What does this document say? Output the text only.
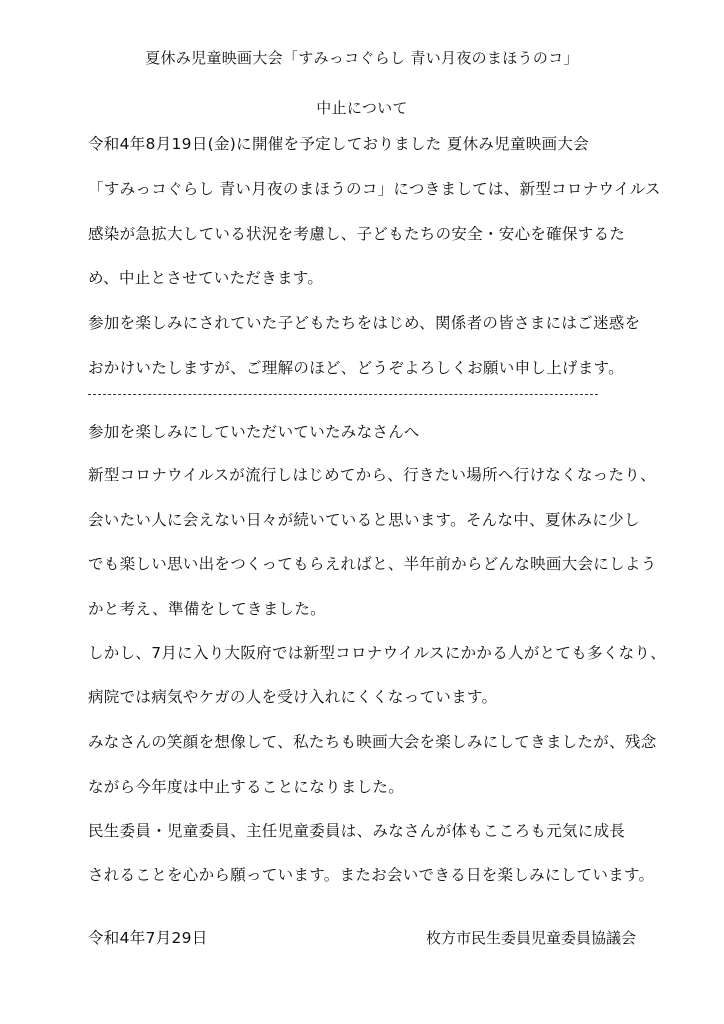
夏休み児童映画大会「すみっコぐらし 青い月夜のまほうのコ」
中止について
令和4年8月19日(金)に開催を予定しておりました 夏休み児童映画大会
「すみっコぐらし 青い月夜のまほうのコ」につきましては、新型コロナウイルス
感染が急拡大している状況を考慮し、子どもたちの安全・安心を確保するた
め、中止とさせていただきます。
参加を楽しみにされていた子どもたちをはじめ、関係者の皆さまにはご迷惑を
おかけいたしますが、ご理解のほど、どうぞよろしくお願い申し上げます。
参加を楽しみにしていただいていたみなさんへ
新型コロナウイルスが流行しはじめてから、行きたい場所へ行けなくなったり、
会いたい人に会えない日々が続いていると思います。そんな中、夏休みに少し
でも楽しい思い出をつくってもらえればと、半年前からどんな映画大会にしよう
かと考え、準備をしてきました。
しかし、7月に入り大阪府では新型コロナウイルスにかかる人がとても多くなり、
病院では病気やケガの人を受け入れにくくなっています。
みなさんの笑顔を想像して、私たちも映画大会を楽しみにしてきましたが、残念
ながら今年度は中止することになりました。
民生委員・児童委員、主任児童委員は、みなさんが体もこころも元気に成長
されることを心から願っています。またお会いできる日を楽しみにしています。
令和4年7月29日	枚方市民生委員児童委員協議会
